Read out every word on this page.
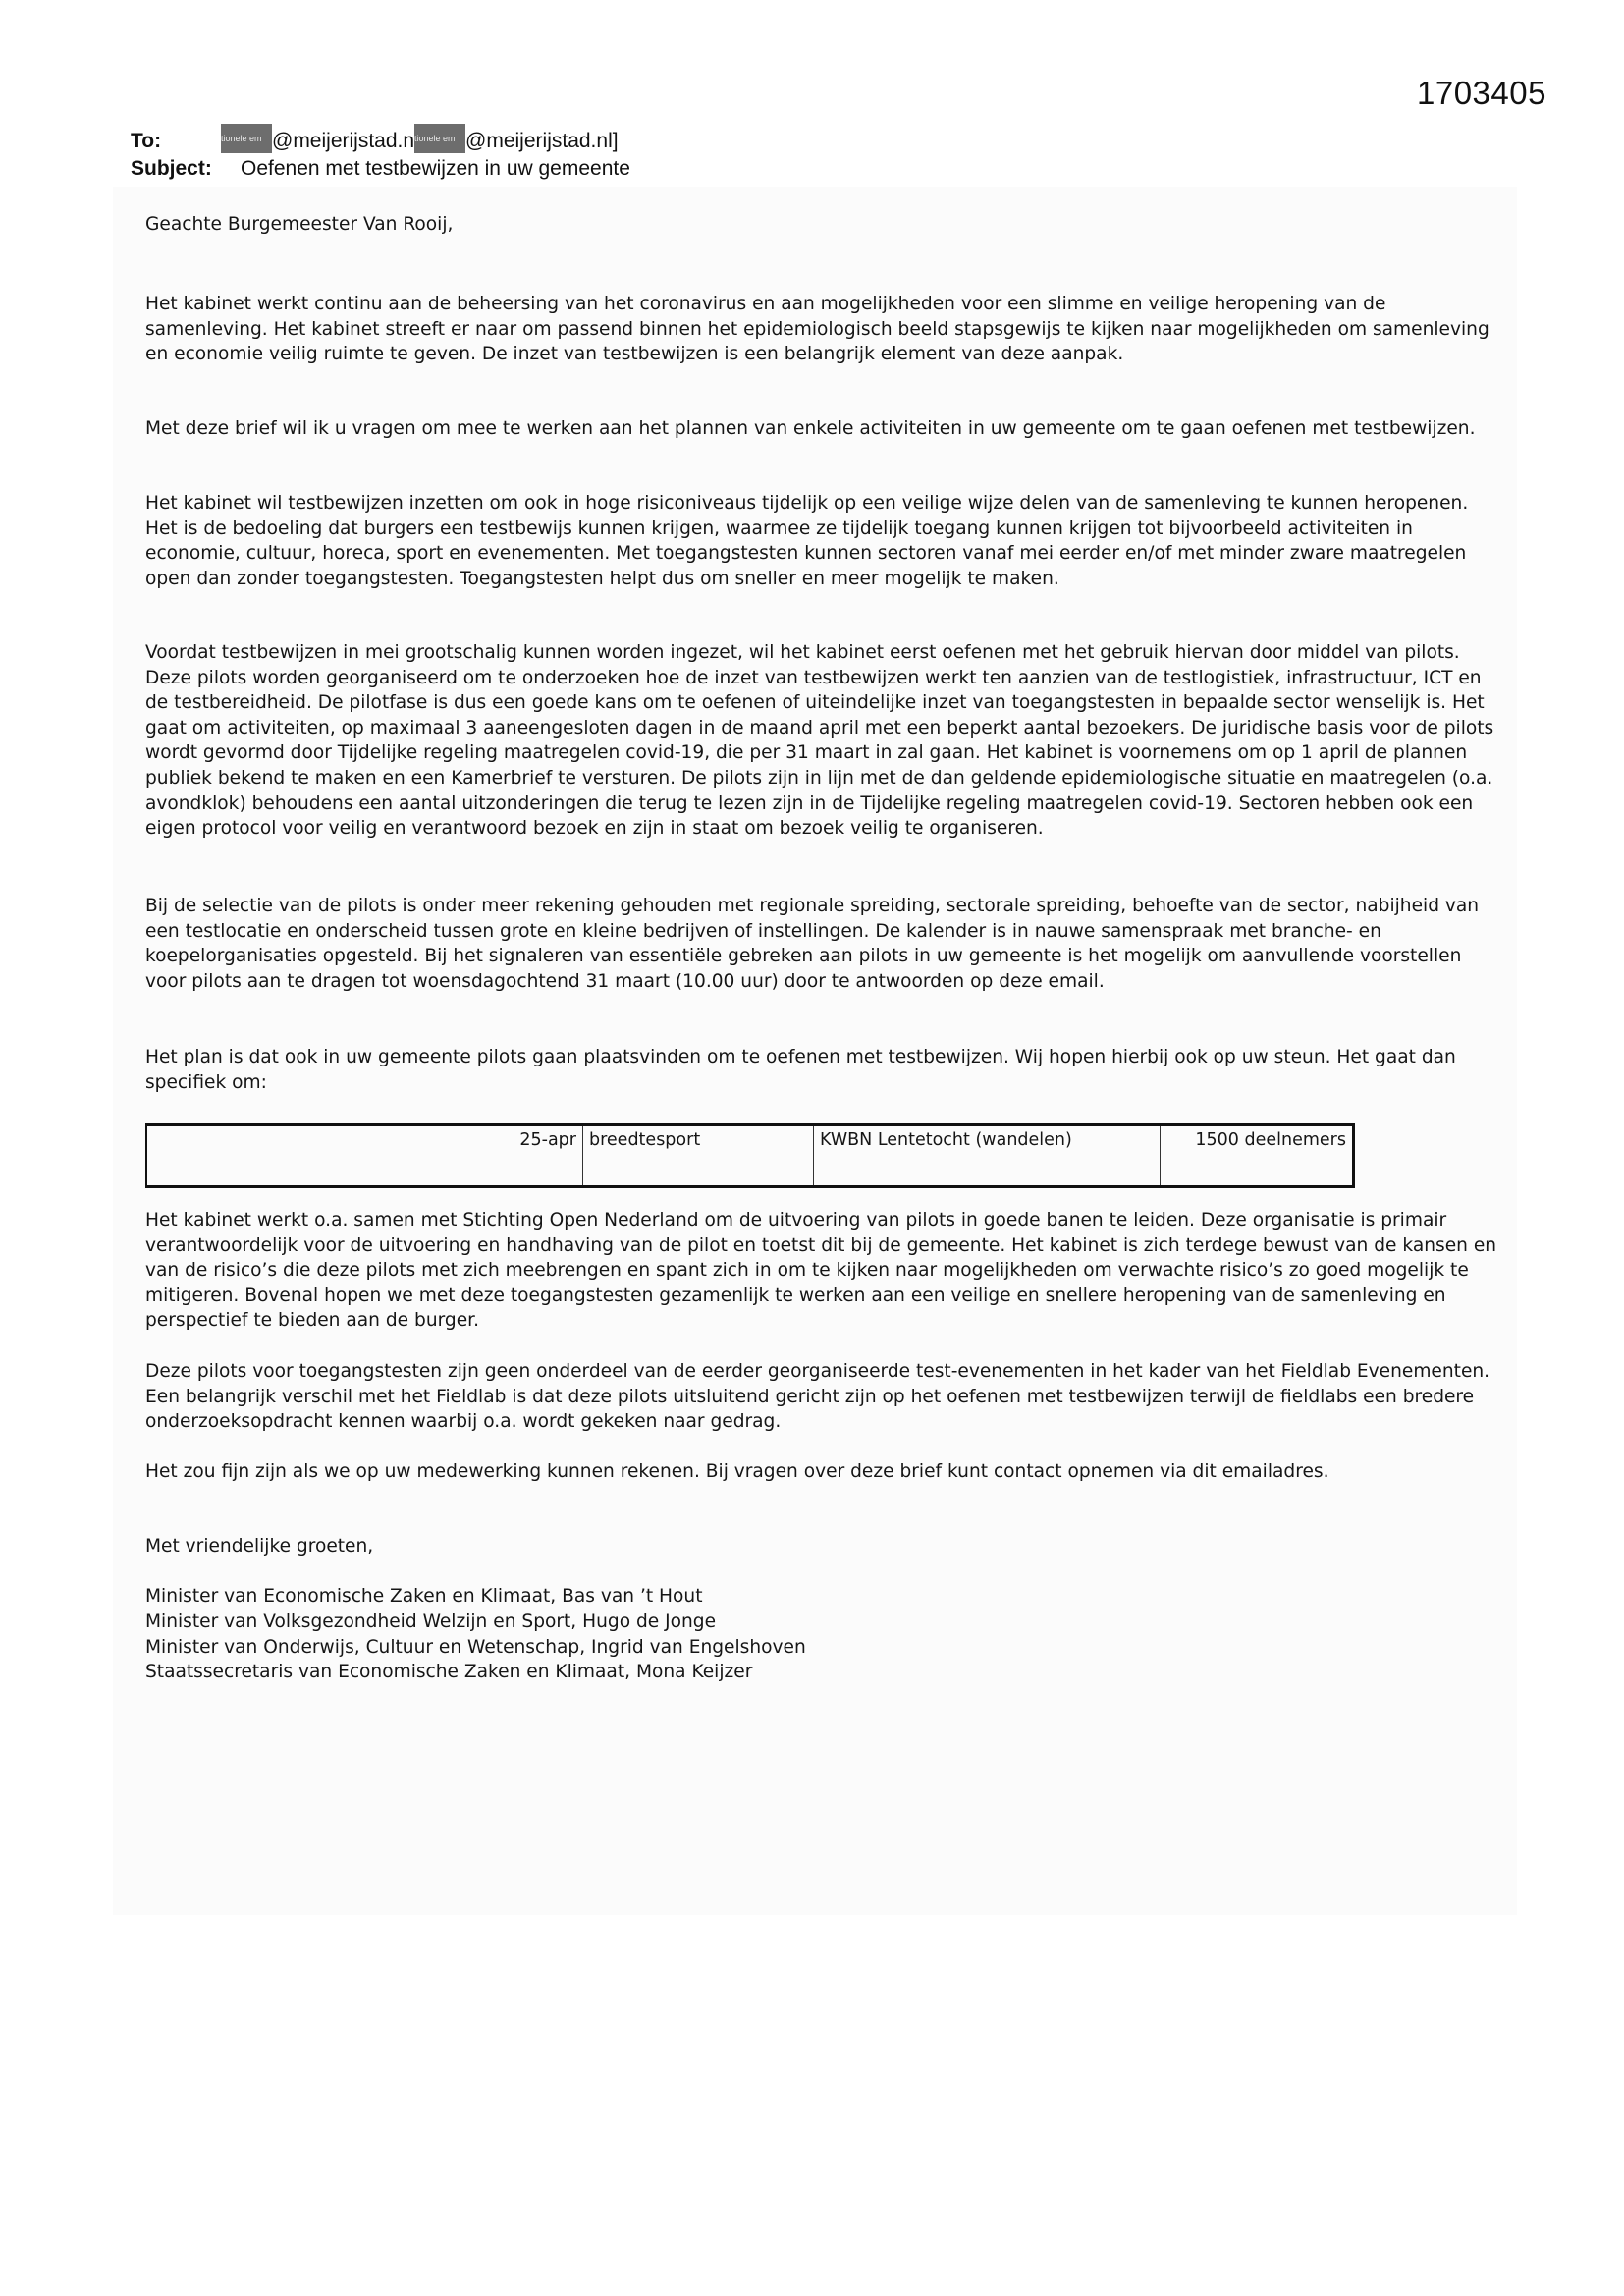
1703405
To:	tionele em @meijerijstad.ntionele em @meijerijstad.nl]
Subject: Oefenen met testbewijzen in uw gemeente
Geachte Burgemeester Van Rooij,

Het kabinet werkt continu aan de beheersing van het coronavirus en aan mogelijkheden voor een slimme en veilige heropening van de samenleving. Het kabinet streeft er naar om passend binnen het epidemiologisch beeld stapsgewijs te kijken naar mogelijkheden om samenleving en economie veilig ruimte te geven. De inzet van testbewijzen is een belangrijk element van deze aanpak.

Met deze brief wil ik u vragen om mee te werken aan het plannen van enkele activiteiten in uw gemeente om te gaan oefenen met testbewijzen.

Het kabinet wil testbewijzen inzetten om ook in hoge risiconiveaus tijdelijk op een veilige wijze delen van de samenleving te kunnen heropenen. Het is de bedoeling dat burgers een testbewijs kunnen krijgen, waarmee ze tijdelijk toegang kunnen krijgen tot bijvoorbeeld activiteiten in economie, cultuur, horeca, sport en evenementen. Met toegangstesten kunnen sectoren vanaf mei eerder en/of met minder zware maatregelen open dan zonder toegangstesten. Toegangstesten helpt dus om sneller en meer mogelijk te maken.

Voordat testbewijzen in mei grootschalig kunnen worden ingezet, wil het kabinet eerst oefenen met het gebruik hiervan door middel van pilots. Deze pilots worden georganiseerd om te onderzoeken hoe de inzet van testbewijzen werkt ten aanzien van de testlogistiek, infrastructuur, ICT en de testbereidheid. De pilotfase is dus een goede kans om te oefenen of uiteindelijke inzet van toegangstesten in bepaalde sector wenselijk is. Het gaat om activiteiten, op maximaal 3 aaneengesloten dagen in de maand april met een beperkt aantal bezoekers. De juridische basis voor de pilots wordt gevormd door Tijdelijke regeling maatregelen covid-19, die per 31 maart in zal gaan. Het kabinet is voornemens om op 1 april de plannen publiek bekend te maken en een Kamerbrief te versturen. De pilots zijn in lijn met de dan geldende epidemiologische situatie en maatregelen (o.a. avondklok) behoudens een aantal uitzonderingen die terug te lezen zijn in de Tijdelijke regeling maatregelen covid-19. Sectoren hebben ook een eigen protocol voor veilig en verantwoord bezoek en zijn in staat om bezoek veilig te organiseren.

Bij de selectie van de pilots is onder meer rekening gehouden met regionale spreiding, sectorale spreiding, behoefte van de sector, nabijheid van een testlocatie en onderscheid tussen grote en kleine bedrijven of instellingen. De kalender is in nauwe samenspraak met branche- en koepelorganisaties opgesteld. Bij het signaleren van essentiële gebreken aan pilots in uw gemeente is het mogelijk om aanvullende voorstellen voor pilots aan te dragen tot woensdagochtend 31 maart (10.00 uur) door te antwoorden op deze email.

Het plan is dat ook in uw gemeente pilots gaan plaatsvinden om te oefenen met testbewijzen. Wij hopen hierbij ook op uw steun. Het gaat dan specifiek om:

25-apr	breedtesport	KWBN Lentetocht (wandelen)	1500 deelnemers

Het kabinet werkt o.a. samen met Stichting Open Nederland om de uitvoering van pilots in goede banen te leiden. Deze organisatie is primair verantwoordelijk voor de uitvoering en handhaving van de pilot en toetst dit bij de gemeente. Het kabinet is zich terdege bewust van de kansen en van de risico’s die deze pilots met zich meebrengen en spant zich in om te kijken naar mogelijkheden om verwachte risico’s zo goed mogelijk te mitigeren. Bovenal hopen we met deze toegangstesten gezamenlijk te werken aan een veilige en snellere heropening van de samenleving en perspectief te bieden aan de burger.

Deze pilots voor toegangstesten zijn geen onderdeel van de eerder georganiseerde test-evenementen in het kader van het Fieldlab Evenementen. Een belangrijk verschil met het Fieldlab is dat deze pilots uitsluitend gericht zijn op het oefenen met testbewijzen terwijl de fieldlabs een bredere onderzoeksopdracht kennen waarbij o.a. wordt gekeken naar gedrag.

Het zou fijn zijn als we op uw medewerking kunnen rekenen. Bij vragen over deze brief kunt contact opnemen via dit emailadres.

Met vriendelijke groeten,
Minister van Economische Zaken en Klimaat, Bas van ’t Hout
Minister van Volksgezondheid Welzijn en Sport, Hugo de Jonge
Minister van Onderwijs, Cultuur en Wetenschap, Ingrid van Engelshoven
Staatssecretaris van Economische Zaken en Klimaat, Mona Keijzer
